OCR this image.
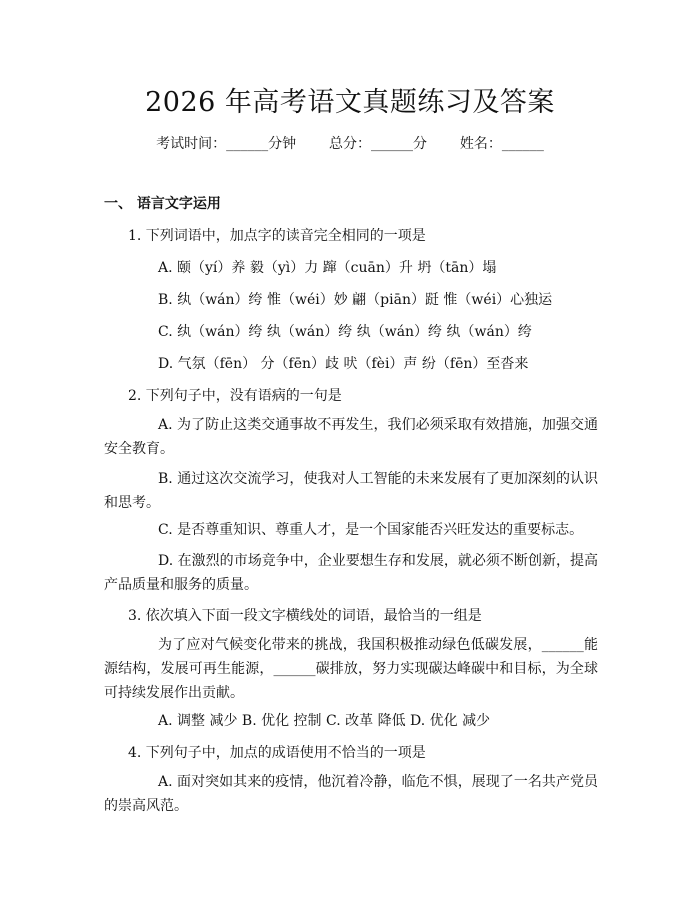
2026 年高考语文真题练习及答案
考试时间：______分钟 总分：______分 姓名：______
一、 语言文字运用
1. 下列词语中，加点字的读音完全相同的一项是
A. 颐（yí）养 毅（yì）力 蹿（cuān）升 坍（tān）塌
B. 纨（wán）绔 惟（wéi）妙 翩（piān）跹 惟（wéi）心独运
C. 纨（wán）绔 纨（wán）绔 纨（wán）绔 纨（wán）绔
D. 气氛（fēn） 分（fēn）歧 吠（fèi）声 纷（fēn）至沓来
2. 下列句子中，没有语病的一句是
A. 为了防止这类交通事故不再发生，我们必须采取有效措施，加强交通安全教育。
B. 通过这次交流学习，使我对人工智能的未来发展有了更加深刻的认识和思考。
C. 是否尊重知识、尊重人才，是一个国家能否兴旺发达的重要标志。
D. 在激烈的市场竞争中，企业要想生存和发展，就必须不断创新，提高产品质量和服务的质量。
3. 依次填入下面一段文字横线处的词语，最恰当的一组是
为了应对气候变化带来的挑战，我国积极推动绿色低碳发展，______能源结构，发展可再生能源，______碳排放，努力实现碳达峰碳中和目标，为全球可持续发展作出贡献。
A. 调整 减少 B. 优化 控制 C. 改革 降低 D. 优化 减少
4. 下列句子中，加点的成语使用不恰当的一项是
A. 面对突如其来的疫情，他沉着冷静，临危不惧，展现了一名共产党员的崇高风范。
